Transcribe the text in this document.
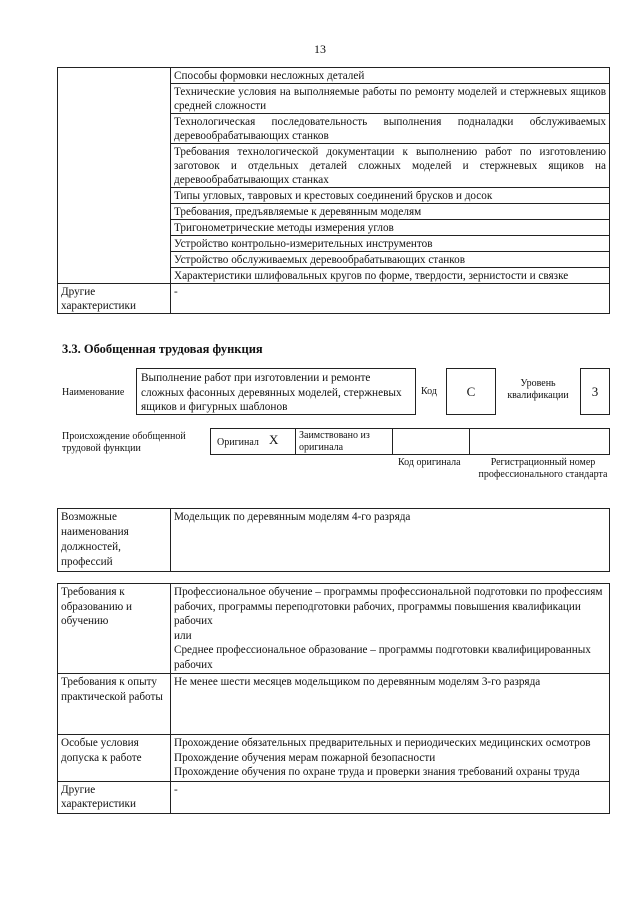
13
	Способы формовки несложных деталей
	Технические условия на выполняемые работы по ремонту моделей и стержневых ящиков средней сложности
	Технологическая последовательность выполнения подналадки обслуживаемых деревообрабатывающих станков
	Требования технологической документации к выполнению работ по изготовлению заготовок и отдельных деталей сложных моделей и стержневых ящиков на деревообрабатывающих станках
	Типы угловых, тавровых и крестовых соединений брусков и досок
	Требования, предъявляемые к деревянным моделям
	Тригонометрические методы измерения углов
	Устройство контрольно-измерительных инструментов
	Устройство обслуживаемых деревообрабатывающих станков
	Характеристики шлифовальных кругов по форме, твердости, зернистости и связке
Другие характеристики	-
3.3. Обобщенная трудовая функция
Наименование
Выполнение работ при изготовлении и ремонте сложных фасонных деревянных моделей, стержневых ящиков и фигурных шаблонов
Код	C	Уровень квалификации	3
Происхождение обобщенной трудовой функции
Оригинал X Заимствовано из оригинала
Код оригинала	Регистрационный номер профессионального стандарта
Возможные наименования должностей, профессий	Модельщик по деревянным моделям 4-го разряда
Требования к образованию и обучению	Профессиональное обучение – программы профессиональной подготовки по профессиям рабочих, программы переподготовки рабочих, программы повышения квалификации рабочих
или
Среднее профессиональное образование – программы подготовки квалифицированных рабочих

Требования к опыту практической работы	Не менее шести месяцев модельщиком по деревянным моделям 3-го разряда
Особые условия допуска к работе	Прохождение обязательных предварительных и периодических медицинских осмотров
Прохождение обучения мерам пожарной безопасности
Прохождение обучения по охране труда и проверки знания требований охраны труда

Другие характеристики	-
